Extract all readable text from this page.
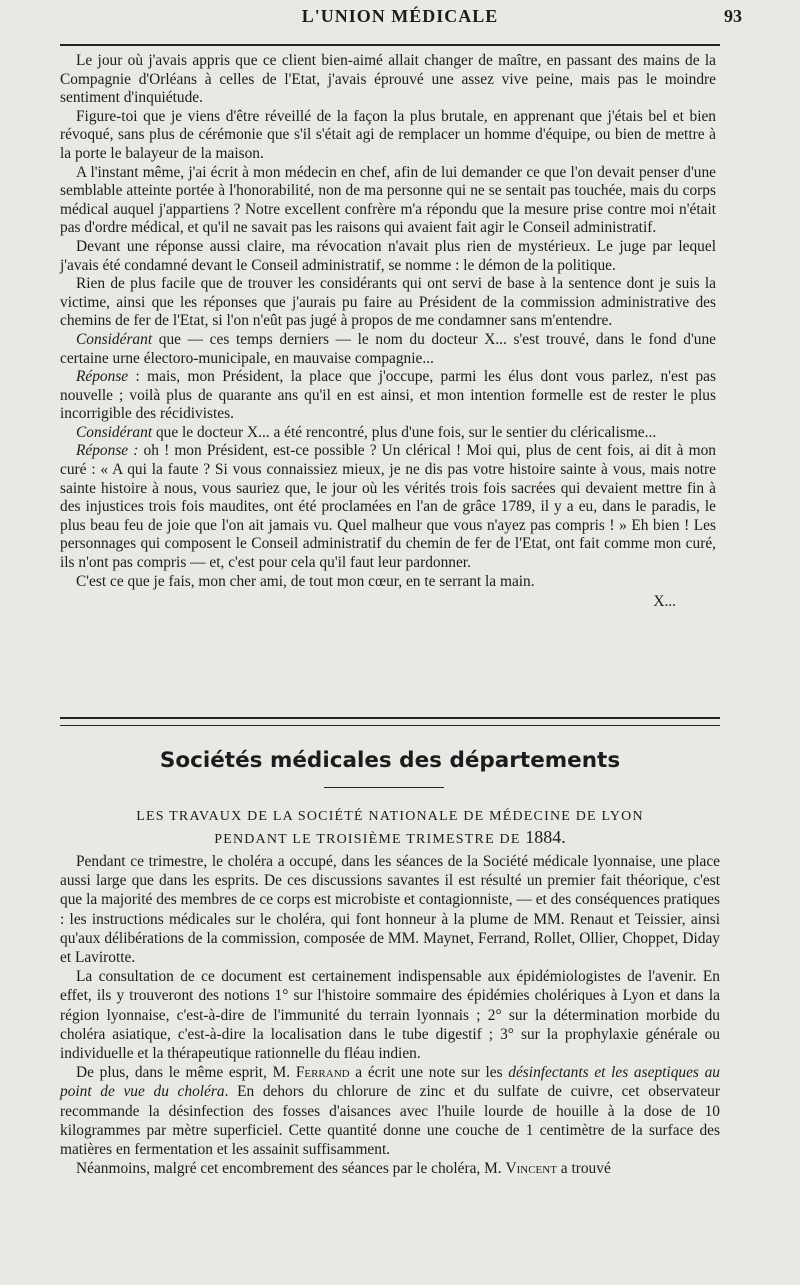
L'UNION MÉDICALE	93

Le jour où j'avais appris que ce client bien-aimé allait changer de maître, en passant des mains de la Compagnie d'Orléans à celles de l'Etat, j'avais éprouvé une assez vive peine, mais pas le moindre sentiment d'inquiétude.

Figure-toi que je viens d'être réveillé de la façon la plus brutale, en apprenant que j'étais bel et bien révoqué, sans plus de cérémonie que s'il s'était agi de remplacer un homme d'équipe, ou bien de mettre à la porte le balayeur de la maison.

A l'instant même, j'ai écrit à mon médecin en chef, afin de lui demander ce que l'on devait penser d'une semblable atteinte portée à l'honorabilité, non de ma personne qui ne se sentait pas touchée, mais du corps médical auquel j'appartiens ? Notre excellent confrère m'a répondu que la mesure prise contre moi n'était pas d'ordre médical, et qu'il ne savait pas les raisons qui avaient fait agir le Conseil administratif.

Devant une réponse aussi claire, ma révocation n'avait plus rien de mystérieux. Le juge par lequel j'avais été condamné devant le Conseil administratif, se nomme : le démon de la politique.

Rien de plus facile que de trouver les considérants qui ont servi de base à la sentence dont je suis la victime, ainsi que les réponses que j'aurais pu faire au Président de la commission administrative des chemins de fer de l'Etat, si l'on n'eût pas jugé à propos de me condamner sans m'entendre.

Considérant que — ces temps derniers — le nom du docteur X... s'est trouvé, dans le fond d'une certaine urne électoro-municipale, en mauvaise compagnie...

Réponse : mais, mon Président, la place que j'occupe, parmi les élus dont vous parlez, n'est pas nouvelle ; voilà plus de quarante ans qu'il en est ainsi, et mon intention formelle est de rester le plus incorrigible des récidivistes.

Considérant que le docteur X... a été rencontré, plus d'une fois, sur le sentier du cléricalisme...

Réponse : oh ! mon Président, est-ce possible ? Un clérical ! Moi qui, plus de cent fois, ai dit à mon curé : « A qui la faute ? Si vous connaissiez mieux, je ne dis pas votre histoire sainte à vous, mais notre sainte histoire à nous, vous sauriez que, le jour où les vérités trois fois sacrées qui devaient mettre fin à des injustices trois fois maudites, ont été proclamées en l'an de grâce 1789, il y a eu, dans le paradis, le plus beau feu de joie que l'on ait jamais vu. Quel malheur que vous n'ayez pas compris ! » Eh bien ! Les personnages qui composent le Conseil administratif du chemin de fer de l'Etat, ont fait comme mon curé, ils n'ont pas compris — et, c'est pour cela qu'il faut leur pardonner.

C'est ce que je fais, mon cher ami, de tout mon cœur, en te serrant la main.

X...
Sociétés médicales des départements
LES TRAVAUX DE LA SOCIÉTÉ NATIONALE DE MÉDECINE DE LYON
PENDANT LE TROISIÈME TRIMESTRE DE 1884.

Pendant ce trimestre, le choléra a occupé, dans les séances de la Société médicale lyonnaise, une place aussi large que dans les esprits. De ces discussions savantes il est résulté un premier fait théorique, c'est que la majorité des membres de ce corps est microbiste et contagionniste, — et des conséquences pratiques : les instructions médicales sur le choléra, qui font honneur à la plume de MM. Renaut et Teissier, ainsi qu'aux délibérations de la commission, composée de MM. Maynet, Ferrand, Rollet, Ollier, Choppet, Diday et Lavirotte.

La consultation de ce document est certainement indispensable aux épidémiologistes de l'avenir. En effet, ils y trouveront des notions 1° sur l'histoire sommaire des épidémies cholériques à Lyon et dans la région lyonnaise, c'est-à-dire de l'immunité du terrain lyonnais ; 2° sur la détermination morbide du choléra asiatique, c'est-à-dire la localisation dans le tube digestif ; 3° sur la prophylaxie générale ou individuelle et la thérapeutique rationnelle du fléau indien.

De plus, dans le même esprit, M. Ferrand a écrit une note sur les désinfectants et les aseptiques au point de vue du choléra. En dehors du chlorure de zinc et du sulfate de cuivre, cet observateur recommande la désinfection des fosses d'aisances avec l'huile lourde de houille à la dose de 10 kilogrammes par mètre superficiel. Cette quantité donne une couche de 1 centimètre de la surface des matières en fermentation et les assainit suffisamment.

Néanmoins, malgré cet encombrement des séances par le choléra, M. Vincent a trouvé
